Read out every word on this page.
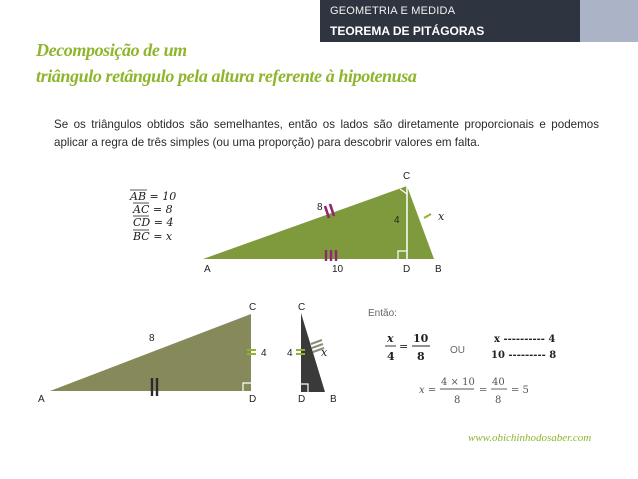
GEOMETRIA E MEDIDA
TEOREMA DE PITÁGORAS
Decomposição de um
triângulo retângulo pela altura referente à hipotenusa
Se os triângulos obtidos são semelhantes, então os lados são diretamente proporcionais e podemos aplicar a regra de três simples (ou uma proporção) para descobrir valores em falta.
AB = 10
AC = 8
CD = 4
BC = x
C
A	D B
8
4
10
x
C
A	D
8
4
C
D B
4	x
Então:
x
4
=
10
8	OU
x ---------- 4
10 --------- 8
x =
4 × 10
8
=
40
8
= 5
www.obichinhodosaber.com
